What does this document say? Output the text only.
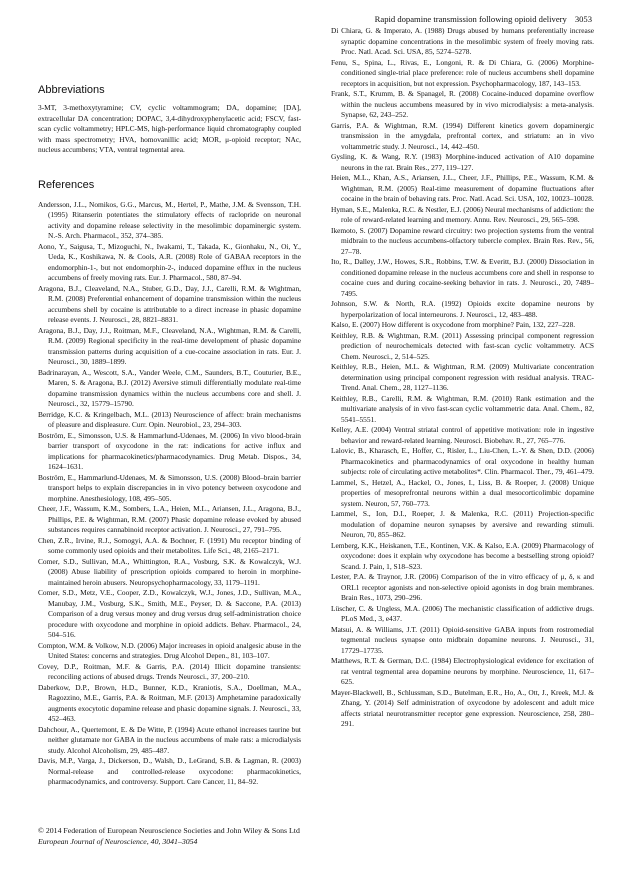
Rapid dopamine transmission following opioid delivery 3053
Abbreviations

3-MT, 3-methoxytyramine; CV, cyclic voltammogram; DA, dopamine; [DA], extracellular DA concentration; DOPAC, 3,4-dihydroxyphenylacetic acid; FSCV, fast-scan cyclic voltammetry; HPLC-MS, high-performance liquid chromatography coupled with mass spectrometry; HVA, homovanillic acid; MOR, μ-opioid receptor; NAc, nucleus accumbens; VTA, ventral tegmental area.

References

Andersson, J.L., Nomikos, G.G., Marcus, M., Hertel, P., Mathe, J.M. & Svensson, T.H. (1995) Ritanserin potentiates the stimulatory effects of raclopride on neuronal activity and dopamine release selectivity in the mesolimbic dopaminergic system. N.-S. Arch. Pharmacol., 352, 374–385.

Aono, Y., Saigusa, T., Mizoguchi, N., Iwakami, T., Takada, K., Gionhaku, N., Oi, Y., Ueda, K., Koshikawa, N. & Cools, A.R. (2008) Role of GABAA receptors in the endomorphin-1-, but not endomorphin-2-, induced dopamine efflux in the nucleus accumbens of freely moving rats. Eur. J. Pharmacol., 580, 87–94.

Aragona, B.J., Cleaveland, N.A., Stuber, G.D., Day, J.J., Carelli, R.M. & Wightman, R.M. (2008) Preferential enhancement of dopamine transmission within the nucleus accumbens shell by cocaine is attributable to a direct increase in phasic dopamine release events. J. Neurosci., 28, 8821–8831.

Aragona, B.J., Day, J.J., Roitman, M.F., Cleaveland, N.A., Wightman, R.M. & Carelli, R.M. (2009) Regional specificity in the real-time development of phasic dopamine transmission patterns during acquisition of a cue-cocaine association in rats. Eur. J. Neurosci., 30, 1889–1899.

Badrinarayan, A., Wescott, S.A., Vander Weele, C.M., Saunders, B.T., Couturier, B.E., Maren, S. & Aragona, B.J. (2012) Aversive stimuli differentially modulate real-time dopamine transmission dynamics within the nucleus accumbens core and shell. J. Neurosci., 32, 15779–15790.

Berridge, K.C. & Kringelbach, M.L. (2013) Neuroscience of affect: brain mechanisms of pleasure and displeasure. Curr. Opin. Neurobiol., 23, 294–303.

Boström, E., Simonsson, U.S. & Hammarlund-Udenaes, M. (2006) In vivo blood-brain barrier transport of oxycodone in the rat: indications for active influx and implications for pharmacokinetics/pharmacodynamics. Drug Metab. Dispos., 34, 1624–1631.

Boström, E., Hammarlund-Udenaes, M. & Simonsson, U.S. (2008) Blood–brain barrier transport helps to explain discrepancies in in vivo potency between oxycodone and morphine. Anesthesiology, 108, 495–505.

Cheer, J.F., Wassum, K.M., Sombers, L.A., Heien, M.L., Ariansen, J.L., Aragona, B.J., Phillips, P.E. & Wightman, R.M. (2007) Phasic dopamine release evoked by abused substances requires cannabinoid receptor activation. J. Neurosci., 27, 791–795.

Chen, Z.R., Irvine, R.J., Somogyi, A.A. & Bochner, F. (1991) Mu receptor binding of some commonly used opioids and their metabolites. Life Sci., 48, 2165–2171.

Comer, S.D., Sullivan, M.A., Whittington, R.A., Vosburg, S.K. & Kowalczyk, W.J. (2008) Abuse liability of prescription opioids compared to heroin in morphine-maintained heroin abusers. Neuropsychopharmacology, 33, 1179–1191.

Comer, S.D., Metz, V.E., Cooper, Z.D., Kowalczyk, W.J., Jones, J.D., Sullivan, M.A., Manubay, J.M., Vosburg, S.K., Smith, M.E., Peyser, D. & Saccone, P.A. (2013) Comparison of a drug versus money and drug versus drug self-administration choice procedure with oxycodone and morphine in opioid addicts. Behav. Pharmacol., 24, 504–516.

Compton, W.M. & Volkow, N.D. (2006) Major increases in opioid analgesic abuse in the United States: concerns and strategies. Drug Alcohol Depen., 81, 103–107.

Covey, D.P., Roitman, M.F. & Garris, P.A. (2014) Illicit dopamine transients: reconciling actions of abused drugs. Trends Neurosci., 37, 200–210.

Daberkow, D.P., Brown, H.D., Bunner, K.D., Kraniotis, S.A., Doellman, M.A., Ragozzino, M.E., Garris, P.A. & Roitman, M.F. (2013) Amphetamine paradoxically augments exocytotic dopamine release and phasic dopamine signals. J. Neurosci., 33, 452–463.

Dahchour, A., Quertemont, E. & De Witte, P. (1994) Acute ethanol increases taurine but neither glutamate nor GABA in the nucleus accumbens of male rats: a microdialysis study. Alcohol Alcoholism, 29, 485–487.

Davis, M.P., Varga, J., Dickerson, D., Walsh, D., LeGrand, S.B. & Lagman, R. (2003) Normal-release and controlled-release oxycodone: pharmacokinetics, pharmacodynamics, and controversy. Support. Care Cancer, 11, 84–92.

Di Chiara, G. & Imperato, A. (1988) Drugs abused by humans preferentially increase synaptic dopamine concentrations in the mesolimbic system of freely moving rats. Proc. Natl. Acad. Sci. USA, 85, 5274–5278.

Fenu, S., Spina, L., Rivas, E., Longoni, R. & Di Chiara, G. (2006) Morphine-conditioned single-trial place preference: role of nucleus accumbens shell dopamine receptors in acquisition, but not expression. Psychopharmacology, 187, 143–153.

Frank, S.T., Krumm, B. & Spanagel, R. (2008) Cocaine-induced dopamine overflow within the nucleus accumbens measured by in vivo microdialysis: a meta-analysis. Synapse, 62, 243–252.

Garris, P.A. & Wightman, R.M. (1994) Different kinetics govern dopaminergic transmission in the amygdala, prefrontal cortex, and striatum: an in vivo voltammetric study. J. Neurosci., 14, 442–450.

Gysling, K. & Wang, R.Y. (1983) Morphine-induced activation of A10 dopamine neurons in the rat. Brain Res., 277, 119–127.

Heien, M.L., Khan, A.S., Ariansen, J.L., Cheer, J.F., Phillips, P.E., Wassum, K.M. & Wightman, R.M. (2005) Real-time measurement of dopamine fluctuations after cocaine in the brain of behaving rats. Proc. Natl. Acad. Sci. USA, 102, 10023–10028.

Hyman, S.E., Malenka, R.C. & Nestler, E.J. (2006) Neural mechanisms of addiction: the role of reward-related learning and memory. Annu. Rev. Neurosci., 29, 565–598.

Ikemoto, S. (2007) Dopamine reward circuitry: two projection systems from the ventral midbrain to the nucleus accumbens-olfactory tubercle complex. Brain Res. Rev., 56, 27–78.

Ito, R., Dalley, J.W., Howes, S.R., Robbins, T.W. & Everitt, B.J. (2000) Dissociation in conditioned dopamine release in the nucleus accumbens core and shell in response to cocaine cues and during cocaine-seeking behavior in rats. J. Neurosci., 20, 7489–7495.

Johnson, S.W. & North, R.A. (1992) Opioids excite dopamine neurons by hyperpolarization of local interneurons. J. Neurosci., 12, 483–488.

Kalso, E. (2007) How different is oxycodone from morphine? Pain, 132, 227–228.

Keithley, R.B. & Wightman, R.M. (2011) Assessing principal component regression prediction of neurochemicals detected with fast-scan cyclic voltammetry. ACS Chem. Neurosci., 2, 514–525.

Keithley, R.B., Heien, M.L. & Wightman, R.M. (2009) Multivariate concentration determination using principal component regression with residual analysis. TRAC-Trend. Anal. Chem., 28, 1127–1136.

Keithley, R.B., Carelli, R.M. & Wightman, R.M. (2010) Rank estimation and the multivariate analysis of in vivo fast-scan cyclic voltammetric data. Anal. Chem., 82, 5541–5551.

Kelley, A.E. (2004) Ventral striatal control of appetitive motivation: role in ingestive behavior and reward-related learning. Neurosci. Biobehav. R., 27, 765–776.

Lalovic, B., Kharasch, E., Hoffer, C., Risler, L., Liu-Chen, L.-Y. & Shen, D.D. (2006) Pharmacokinetics and pharmacodynamics of oral oxycodone in healthy human subjects: role of circulating active metabolites*. Clin. Pharmacol. Ther., 79, 461–479.

Lammel, S., Hetzel, A., Hackel, O., Jones, I., Liss, B. & Roeper, J. (2008) Unique properties of mesoprefrontal neurons within a dual mesocorticolimbic dopamine system. Neuron, 57, 760–773.

Lammel, S., Ion, D.I., Roeper, J. & Malenka, R.C. (2011) Projection-specific modulation of dopamine neuron synapses by aversive and rewarding stimuli. Neuron, 70, 855–862.

Lemberg, K.K., Heiskanen, T.E., Kontinen, V.K. & Kalso, E.A. (2009) Pharmacology of oxycodone: does it explain why oxycodone has become a bestselling strong opioid? Scand. J. Pain, 1, S18–S23.

Lester, P.A. & Traynor, J.R. (2006) Comparison of the in vitro efficacy of μ, δ, κ and ORL1 receptor agonists and non-selective opioid agonists in dog brain membranes. Brain Res., 1073, 290–296.

Lüscher, C. & Ungless, M.A. (2006) The mechanistic classification of addictive drugs. PLoS Med., 3, e437.

Matsui, A. & Williams, J.T. (2011) Opioid-sensitive GABA inputs from rostromedial tegmental nucleus synapse onto midbrain dopamine neurons. J. Neurosci., 31, 17729–17735.

Matthews, R.T. & German, D.C. (1984) Electrophysiological evidence for excitation of rat ventral tegmental area dopamine neurons by morphine. Neuroscience, 11, 617–625.

Mayer-Blackwell, B., Schlussman, S.D., Butelman, E.R., Ho, A., Ott, J., Kreek, M.J. & Zhang, Y. (2014) Self administration of oxycodone by adolescent and adult mice affects striatal neurotransmitter receptor gene expression. Neuroscience, 258, 280–291.

© 2014 Federation of European Neuroscience Societies and John Wiley & Sons Ltd
European Journal of Neuroscience, 40, 3041–3054
